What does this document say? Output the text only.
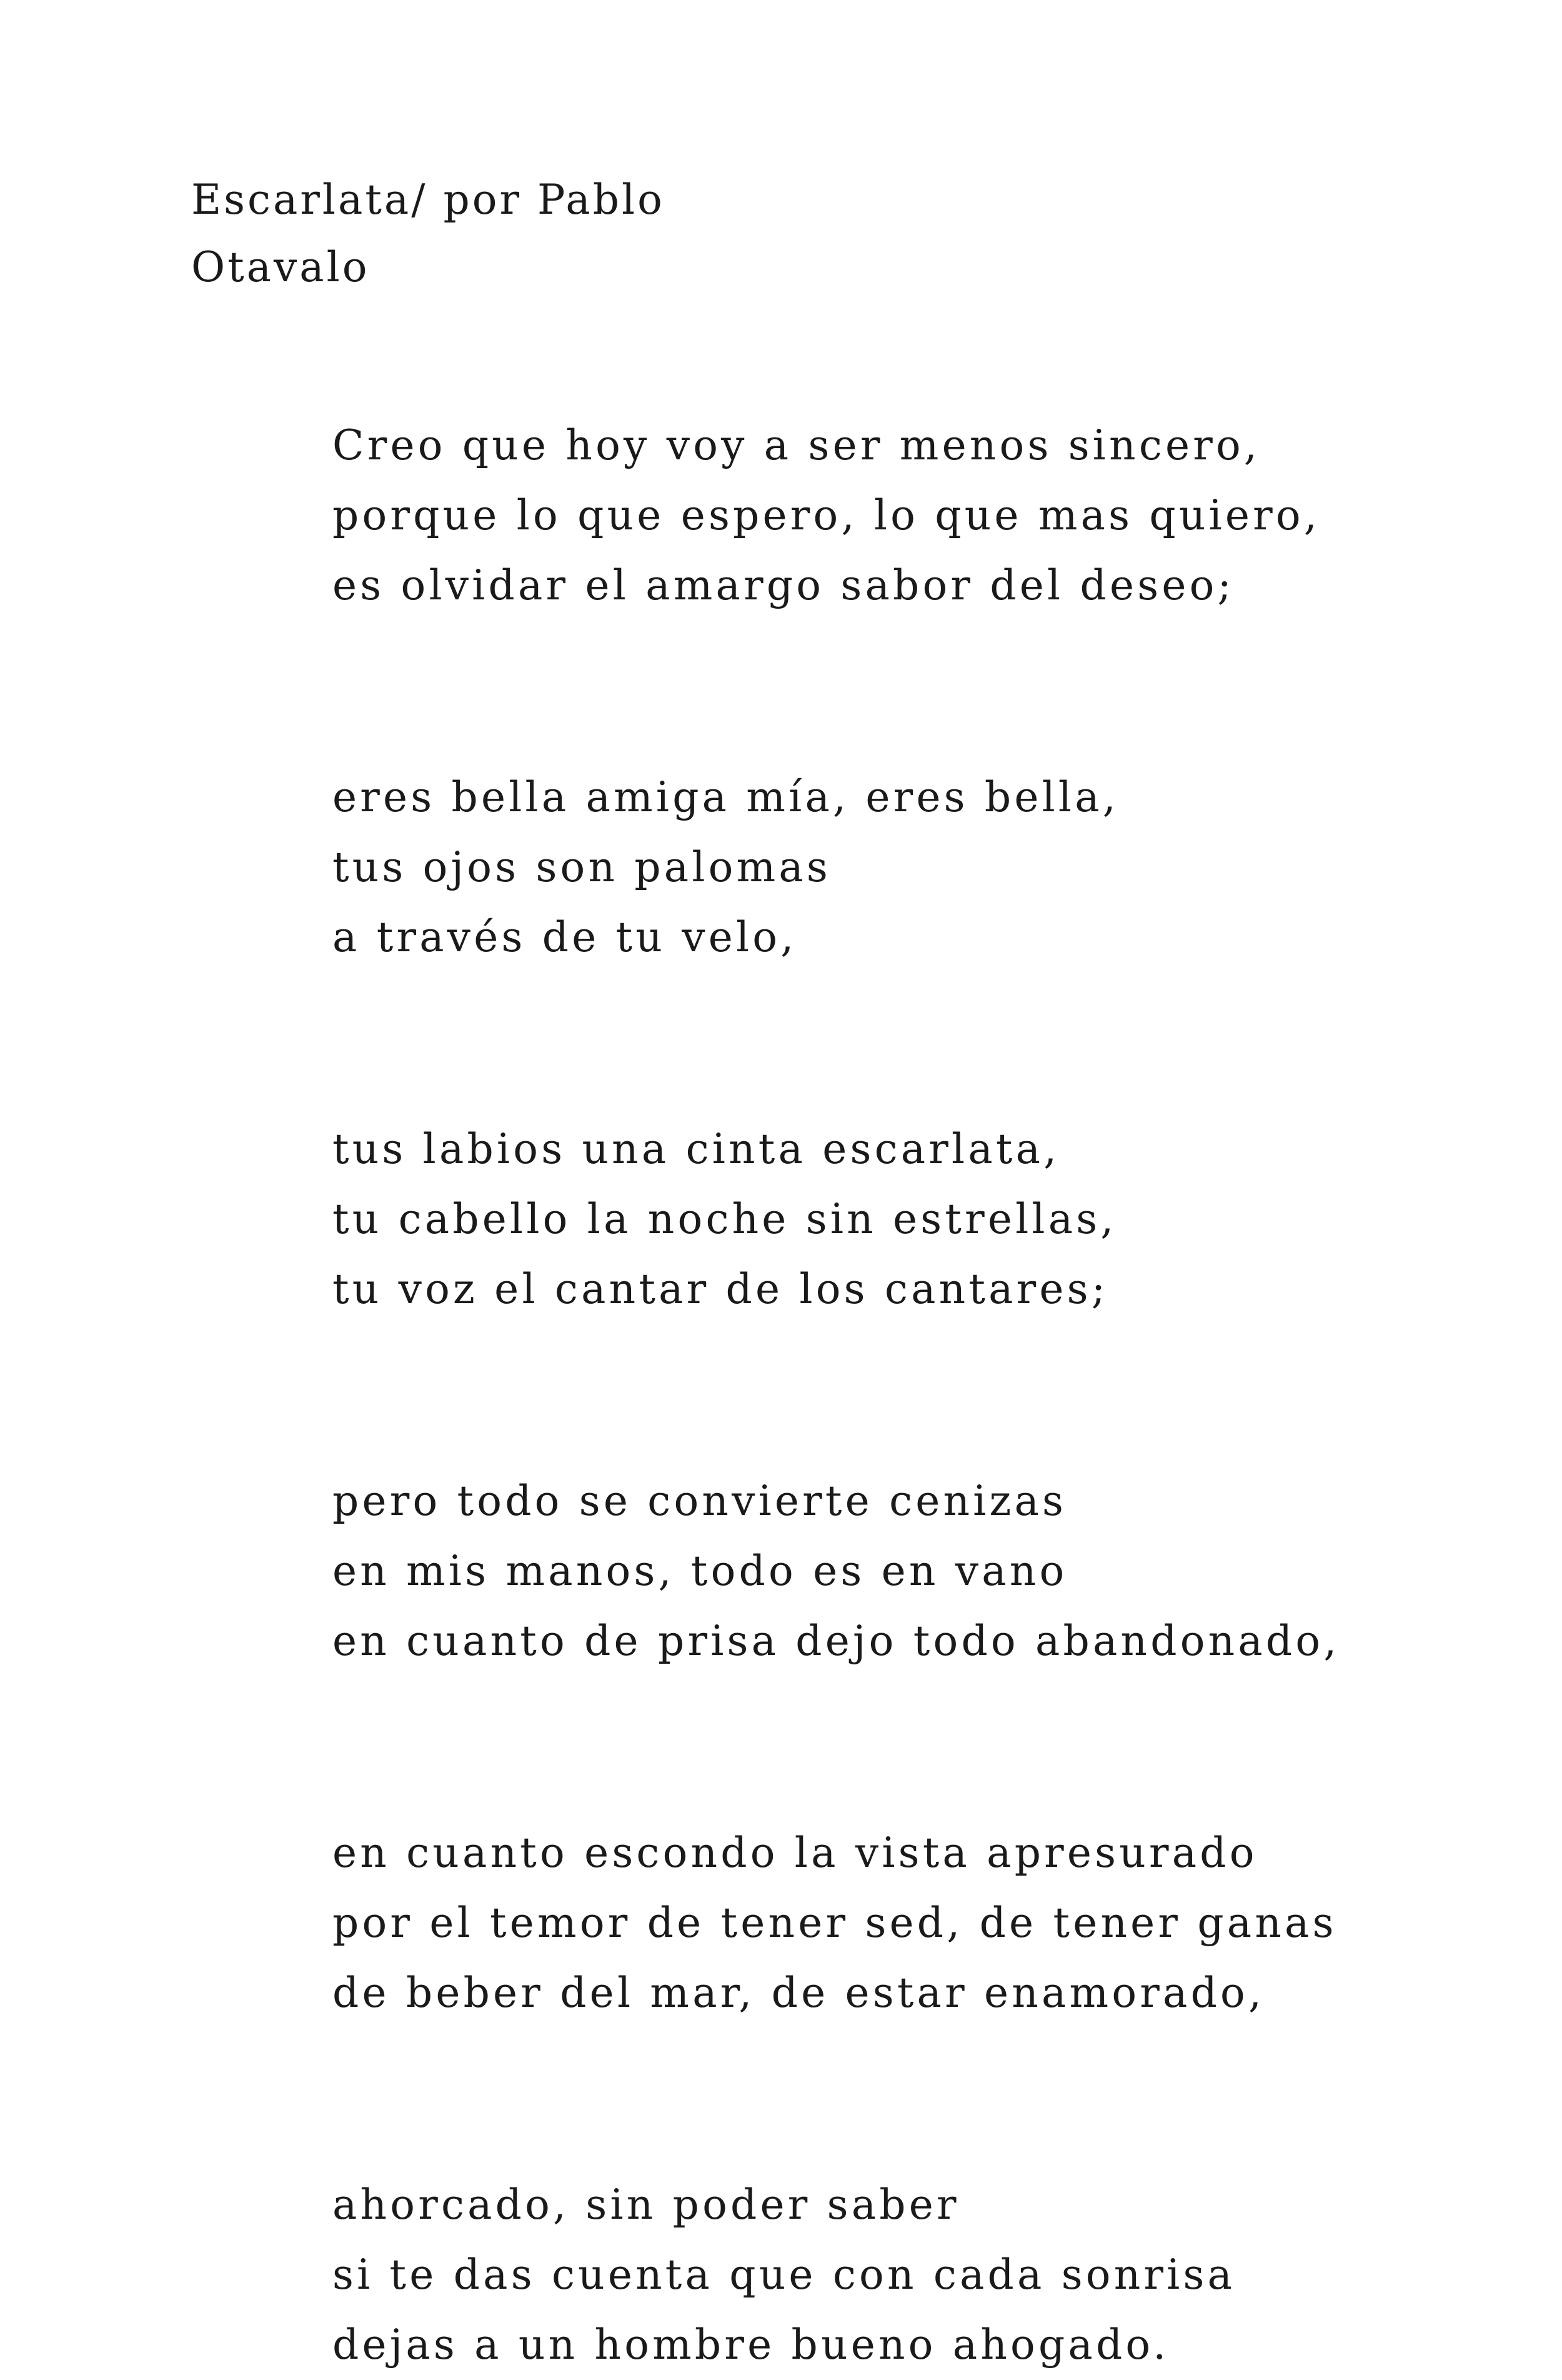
Escarlata/ por Pablo
Otavalo
Creo que hoy voy a ser menos sincero,
porque lo que espero, lo que mas quiero,
es olvidar el amargo sabor del deseo;
eres bella amiga mía, eres bella,
tus ojos son palomas
a través de tu velo,
tus labios una cinta escarlata,
tu cabello la noche sin estrellas,
tu voz el cantar de los cantares;
pero todo se convierte cenizas
en mis manos, todo es en vano
en cuanto de prisa dejo todo abandonado,
en cuanto escondo la vista apresurado
por el temor de tener sed, de tener ganas
de beber del mar, de estar enamorado,
ahorcado, sin poder saber
si te das cuenta que con cada sonrisa
dejas a un hombre bueno ahogado.
